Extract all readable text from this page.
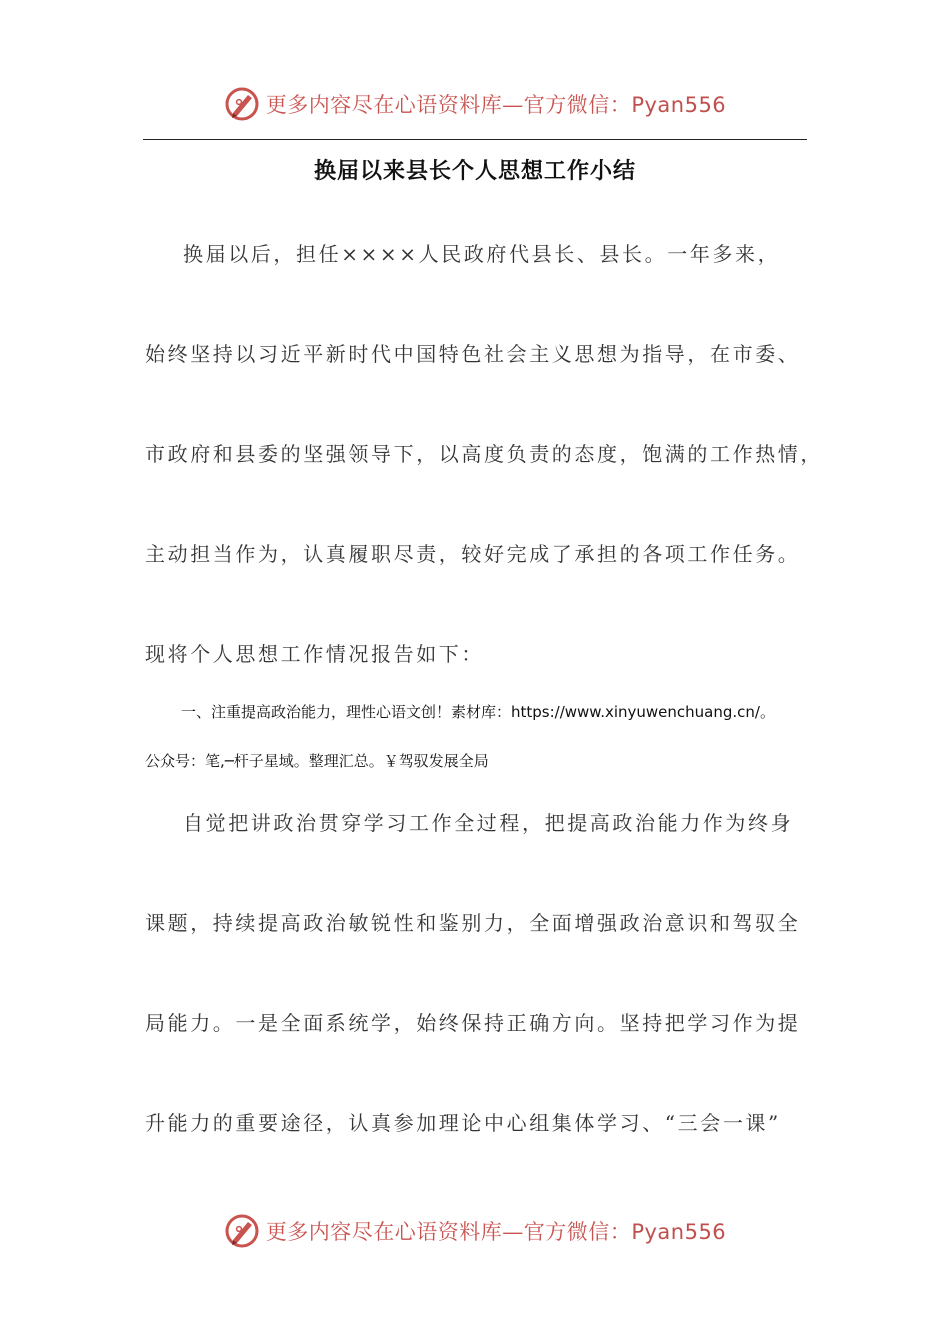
更多内容尽在心语资料库—官方微信：Pyan556
换届以来县长个人思想工作小结
换届以后，担任××××人民政府代县长、县长。一年多来，
始终坚持以习近平新时代中国特色社会主义思想为指导，在市委、
市政府和县委的坚强领导下，以高度负责的态度，饱满的工作热情，
主动担当作为，认真履职尽责，较好完成了承担的各项工作任务。
现将个人思想工作情况报告如下：
一、注重提高政治能力，理性心语文创！素材库：https://www.xinyuwenchuang.cn/。
公众号：笔,─杆子星域。整理汇总。￥驾驭发展全局
自觉把讲政治贯穿学习工作全过程，把提高政治能力作为终身
课题，持续提高政治敏锐性和鉴别力，全面增强政治意识和驾驭全
局能力。一是全面系统学，始终保持正确方向。坚持把学习作为提
升能力的重要途径，认真参加理论中心组集体学习、“三会一课”
更多内容尽在心语资料库—官方微信：Pyan556
